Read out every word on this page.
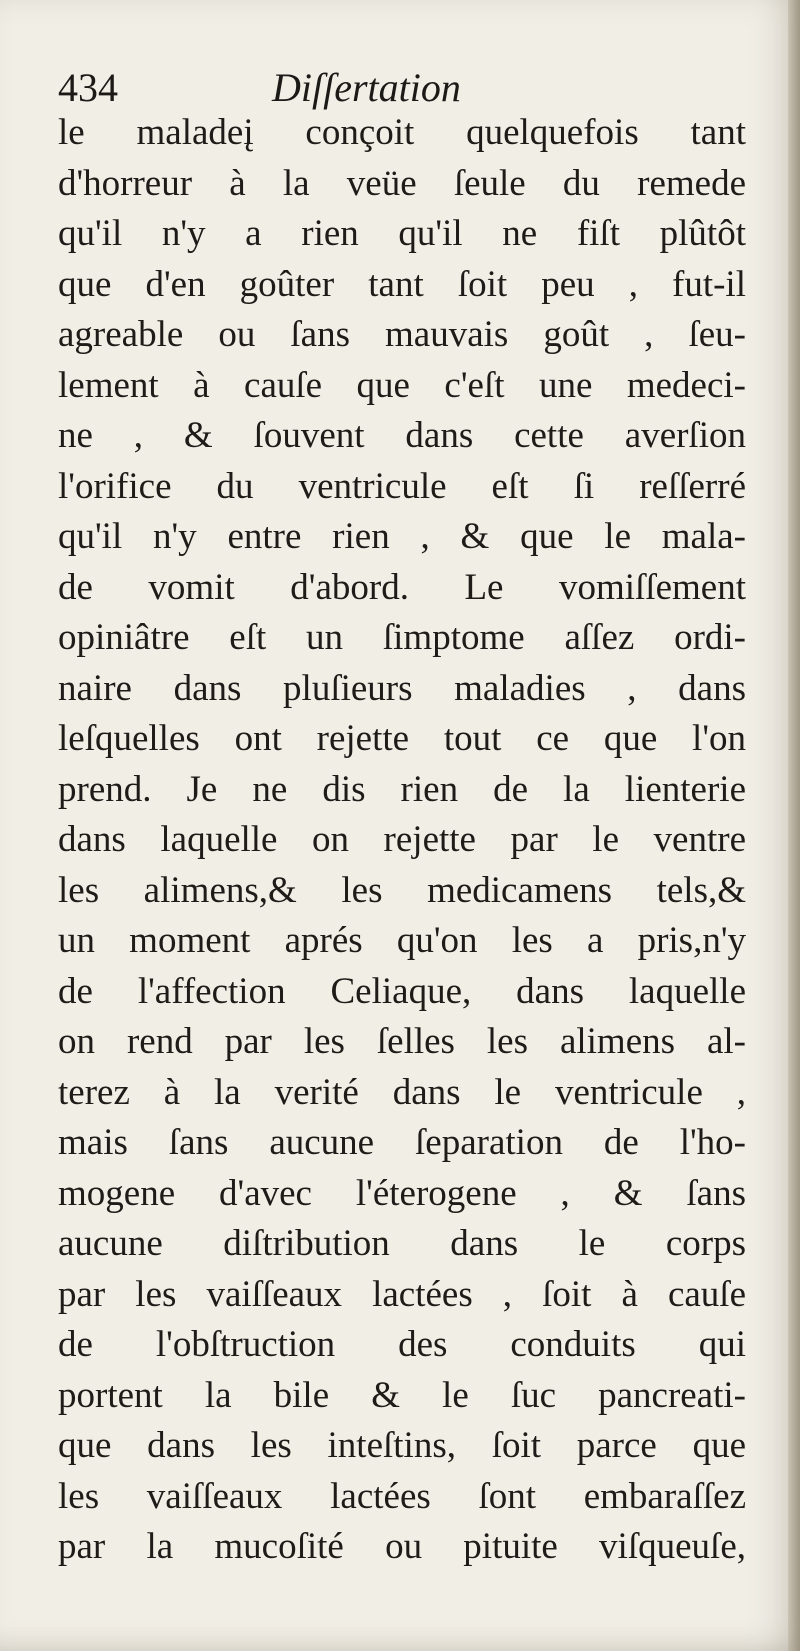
434	Diſſertation
le maladeį conçoit quelquefois tant
d'horreur à la veüe ſeule du remede
qu'il n'y a rien qu'il ne fiſt plûtôt
que d'en goûter tant ſoit peu , fut-il
agreable ou ſans mauvais goût , ſeu-
lement à cauſe que c'eſt une medeci-
ne , & ſouvent dans cette averſion
l'orifice du ventricule eſt ſi reſſerré
qu'il n'y entre rien , & que le mala-
de vomit d'abord. Le vomiſſement
opiniâtre eſt un ſimptome aſſez ordi-
naire dans pluſieurs maladies , dans
leſquelles ont rejette tout ce que l'on
prend. Je ne dis rien de la lienterie
dans laquelle on rejette par le ventre
les alimens,& les medicamens tels,&
un moment aprés qu'on les a pris,n'y
de l'affection Celiaque, dans laquelle
on rend par les ſelles les alimens al-
terez à la verité dans le ventricule ,
mais ſans aucune ſeparation de l'ho-
mogene d'avec l'éterogene , & ſans
aucune diſtribution dans le corps
par les vaiſſeaux lactées , ſoit à cauſe
de l'obſtruction des conduits qui
portent la bile & le ſuc pancreati-
que dans les inteſtins, ſoit parce que
les vaiſſeaux lactées ſont embaraſſez
par la mucoſité ou pituite viſqueuſe,
